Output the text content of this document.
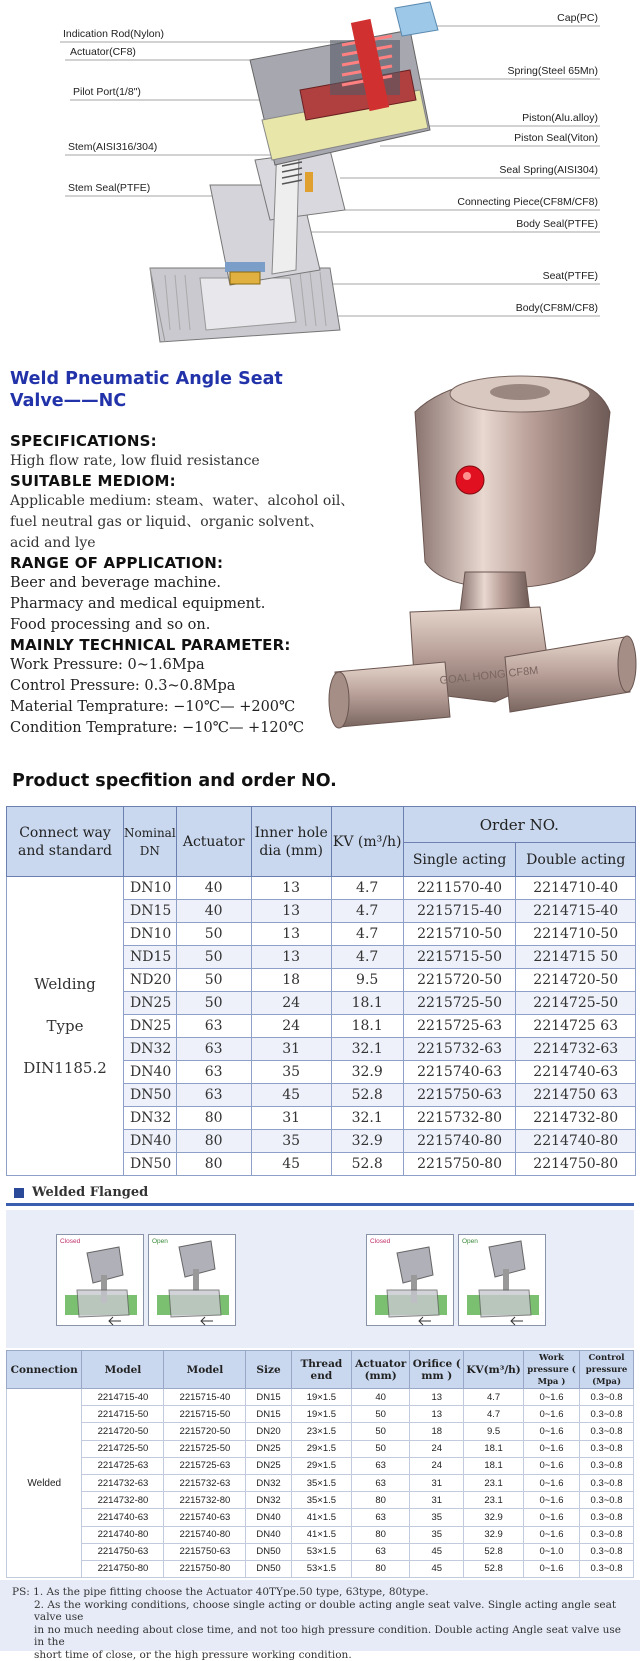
Indication Rod(Nylon)
Actuator(CF8)
Pilot Port(1/8")
Stem(AISI316/304)
Stem Seal(PTFE)
Cap(PC)
Spring(Steel 65Mn)
Piston(Alu.alloy)
Piston Seal(Viton)
Seal Spring(AISI304)
Connecting Piece(CF8M/CF8)
Body Seal(PTFE)
Seat(PTFE)
Body(CF8M/CF8)
Weld Pneumatic Angle Seat
Valve——NC
SPECIFICATIONS:
High flow rate, low fluid resistance
SUITABLE MEDIOM:
Applicable medium: steam、water、alcohol oil、
fuel neutral gas or liquid、organic solvent、
acid and lye
RANGE OF APPLICATION:
Beer and beverage machine.
Pharmacy and medical equipment.
Food processing and so on.
MAINLY TECHNICAL PARAMETER:
Work Pressure: 0~1.6Mpa
Control Pressure: 0.3~0.8Mpa
Material Temprature: −10℃— +200℃
Condition Temprature: −10℃— +120℃
GOAL HONG CF8M
Product specfition and order NO.
Connect way and standard	Nominal DN	Actuator	Inner hole dia (mm)	KV (m³/h)	Order NO.	
					Single acting	Double acting

Welding
Type
DIN1185.2	DN10	40	13	4.7	2211570-40	2214710-40
	DN15	40	13	4.7	2215715-40	2214715-40
	DN10	50	13	4.7	2215710-50	2214710-50
	ND15	50	13	4.7	2215715-50	2214715 50
	ND20	50	18	9.5	2215720-50	2214720-50
	DN25	50	24	18.1	2215725-50	2214725-50
	DN25	63	24	18.1	2215725-63	2214725 63
	DN32	63	31	32.1	2215732-63	2214732-63
	DN40	63	35	32.9	2215740-63	2214740-63
	DN50	63	45	52.8	2215750-63	2214750 63
	DN32	80	31	32.1	2215732-80	2214732-80
	DN40	80	35	32.9	2215740-80	2214740-80
	DN50	80	45	52.8	2215750-80	2214750-80
Welded Flanged
Closed	Open	Closed	Open
Connection	Model	Model	Size	Thread end	Actuator (mm)	Orifice ( mm )	KV(m³/h)	Work pressure ( Mpa )	Control pressure (Mpa)
Welded	2214715-40	2215715-40	DN15	19×1.5	40	13	4.7	0~1.6	0.3~0.8
	2214715-50	2215715-50	DN15	19×1.5	50	13	4.7	0~1.6	0.3~0.8
	2214720-50	2215720-50	DN20	23×1.5	50	18	9.5	0~1.6	0.3~0.8
	2214725-50	2215725-50	DN25	29×1.5	50	24	18.1	0~1.6	0.3~0.8
	2214725-63	2215725-63	DN25	29×1.5	63	24	18.1	0~1.6	0.3~0.8
	2214732-63	2215732-63	DN32	35×1.5	63	31	23.1	0~1.6	0.3~0.8
	2214732-80	2215732-80	DN32	35×1.5	80	31	23.1	0~1.6	0.3~0.8
	2214740-63	2215740-63	DN40	41×1.5	63	35	32.9	0~1.6	0.3~0.8
	2214740-80	2215740-80	DN40	41×1.5	80	35	32.9	0~1.6	0.3~0.8
	2214750-63	2215750-63	DN50	53×1.5	63	45	52.8	0~1.0	0.3~0.8
	2214750-80	2215750-80	DN50	53×1.5	80	45	52.8	0~1.6	0.3~0.8
PS: 1. As the pipe fitting choose the Actuator 40TYpe.50 type, 63type, 80type.
2. As the working conditions, choose single acting or double acting angle seat valve. Single acting angle seat valve use
in no much needing about close time, and not too high pressure condition. Double acting Angle seat valve use in the
short time of close, or the high pressure working condition.
